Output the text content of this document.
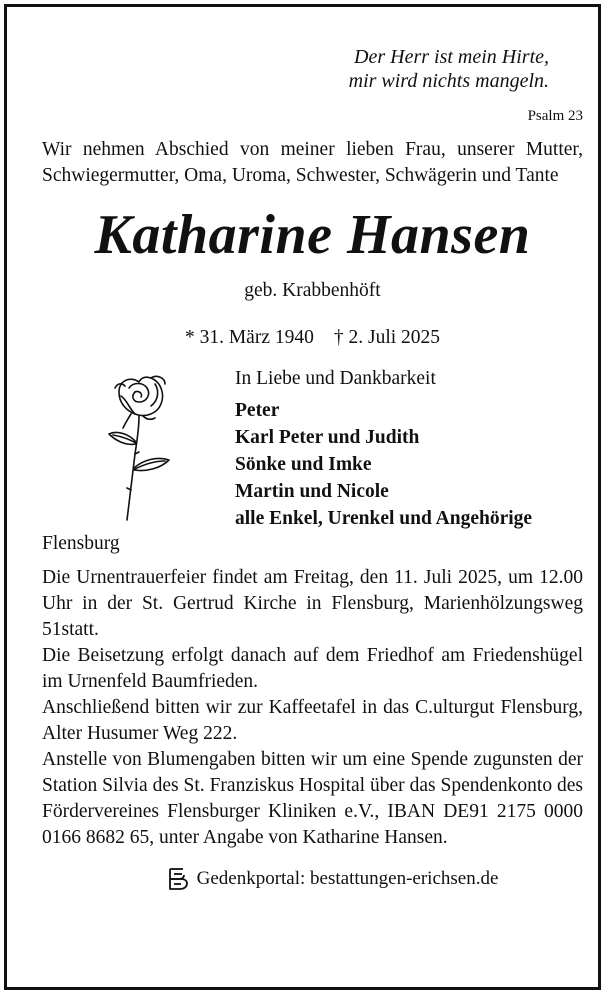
Der Herr ist mein Hirte,
mir wird nichts mangeln.
Psalm 23
Wir nehmen Abschied von meiner lieben Frau, unserer Mutter, Schwiegermutter, Oma, Uroma, Schwester, Schwägerin und Tante
Katharine Hansen
geb. Krabbenhöft
* 31. März 1940 † 2. Juli 2025
In Liebe und Dankbarkeit
Peter
Karl Peter und Judith
Sönke und Imke
Martin und Nicole
alle Enkel, Urenkel und Angehörige
Flensburg

Die Urnentrauerfeier findet am Freitag, den 11. Juli 2025, um 12.00 Uhr in der St. Gertrud Kirche in Flensburg, Marienhölzungsweg 51statt.

Die Beisetzung erfolgt danach auf dem Friedhof am Friedenshügel im Urnenfeld Baumfrieden.

Anschließend bitten wir zur Kaffeetafel in das C.ulturgut Flensburg, Alter Husumer Weg 222.

Anstelle von Blumengaben bitten wir um eine Spende zugunsten der Station Silvia des St. Franziskus Hospital über das Spendenkonto des Fördervereines Flensburger Kliniken e.V., IBAN DE91 2175 0000 0166 8682 65, unter Angabe von Katharine Hansen.

Gedenkportal: bestattungen-erichsen.de
